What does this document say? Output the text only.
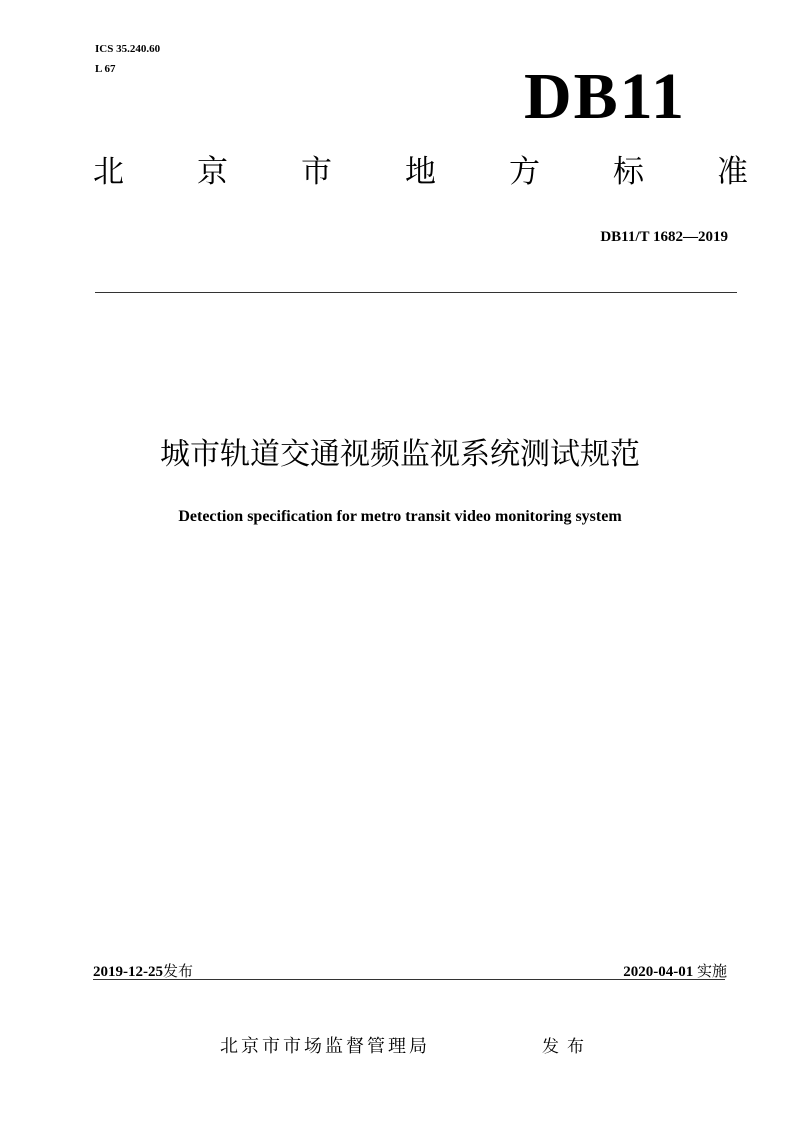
ICS 35.240.60
L 67	DB11
北 京 市 地 方 标 准
DB11/T 1682—2019
城市轨道交通视频监视系统测试规范
Detection specification for metro transit video monitoring system
2019-12-25发布	2020-04-01 实施
北京市市场监督管理局	发布
